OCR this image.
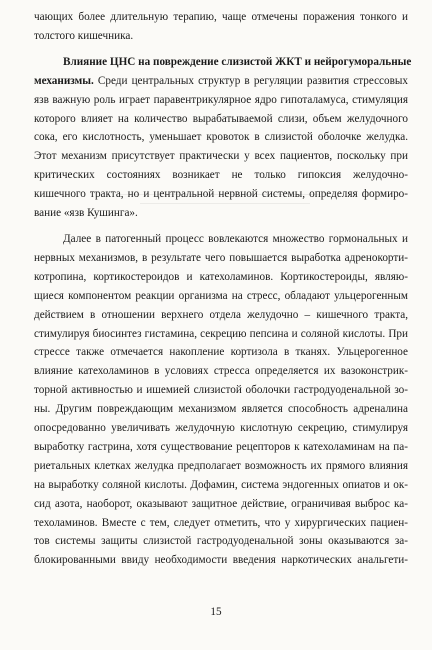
чающих более длительную терапию, чаще отмечены поражения тонкого и
толстого кишечника.

Влияние ЦНС на повреждение слизистой ЖКТ и нейрогуморальные
механизмы. Среди центральных структур в регуляции развития стрессовых
язв важную роль играет паравентрикулярное ядро гипоталамуса, стимуляция
которого влияет на количество вырабатываемой слизи, объем желудочного
сока, его кислотность, уменьшает кровоток в слизистой оболочке желудка.
Этот механизм присутствует практически у всех пациентов, поскольку при
критических состояниях возникает не только гипоксия желудочно-
кишечного тракта, но и центральной нервной системы, определяя формиро-
вание «язв Кушинга».

Далее в патогенный процесс вовлекаются множество гормональных и
нервных механизмов, в результате чего повышается выработка адренокорти-
котропина, кортикостероидов и катехоламинов. Кортикостероиды, являю-
щиеся компонентом реакции организма на стресс, обладают ульцерогенным
действием в отношении верхнего отдела желудочно – кишечного тракта,
стимулируя биосинтез гистамина, секрецию пепсина и соляной кислоты. При
стрессе также отмечается накопление кортизола в тканях. Ульцерогенное
влияние катехоламинов в условиях стресса определяется их вазоконстрик-
торной активностью и ишемией слизистой оболочки гастродуоденальной зо-
ны. Другим повреждающим механизмом является способность адреналина
опосредованно увеличивать желудочную кислотную секрецию, стимулируя
выработку гастрина, хотя существование рецепторов к катехоламинам на па-
риетальных клетках желудка предполагает возможность их прямого влияния
на выработку соляной кислоты. Дофамин, система эндогенных опиатов и ок-
сид азота, наоборот, оказывают защитное действие, ограничивая выброс ка-
техоламинов. Вместе с тем, следует отметить, что у хирургических пациен-
тов системы защиты слизистой гастродуоденальной зоны оказываются за-
блокированными ввиду необходимости введения наркотических анальгети-

15
